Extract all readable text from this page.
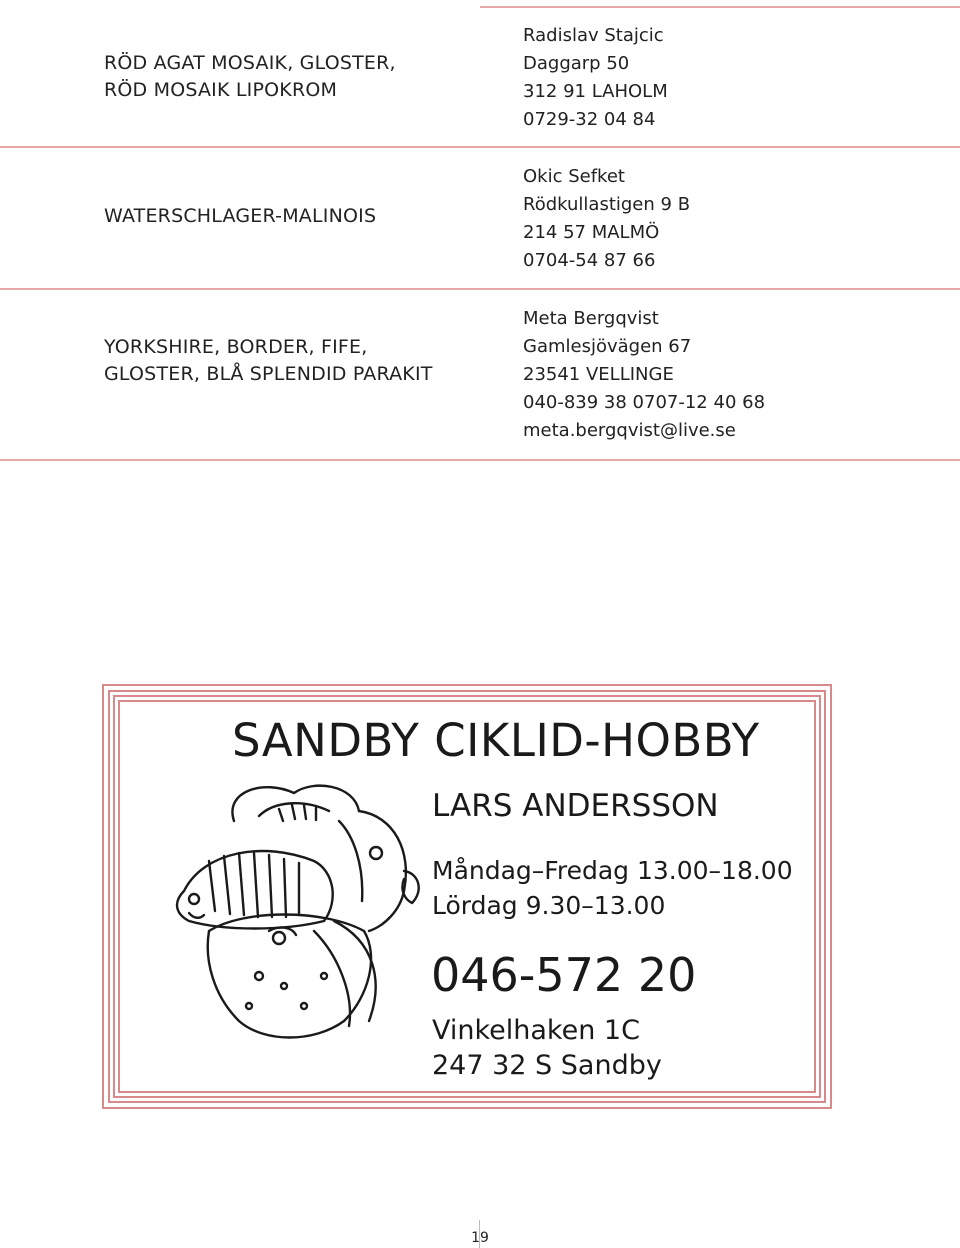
RÖD AGAT MOSAIK, GLOSTER,
RÖD MOSAIK LIPOKROM
Radislav Stajcic
Daggarp 50
312 91 LAHOLM
0729-32 04 84
WATERSCHLAGER-MALINOIS
Okic Sefket
Rödkullastigen 9 B
214 57 MALMÖ
0704-54 87 66
YORKSHIRE, BORDER, FIFE,
GLOSTER, BLÅ SPLENDID PARAKIT
Meta Bergqvist
Gamlesjövägen 67
23541 VELLINGE
040-839 38 0707-12 40 68
meta.bergqvist@live.se
SANDBY CIKLID-HOBBY
LARS ANDERSSON
Måndag–Fredag 13.00–18.00
Lördag 9.30–13.00
046-572 20
Vinkelhaken 1C
247 32 S Sandby
19
